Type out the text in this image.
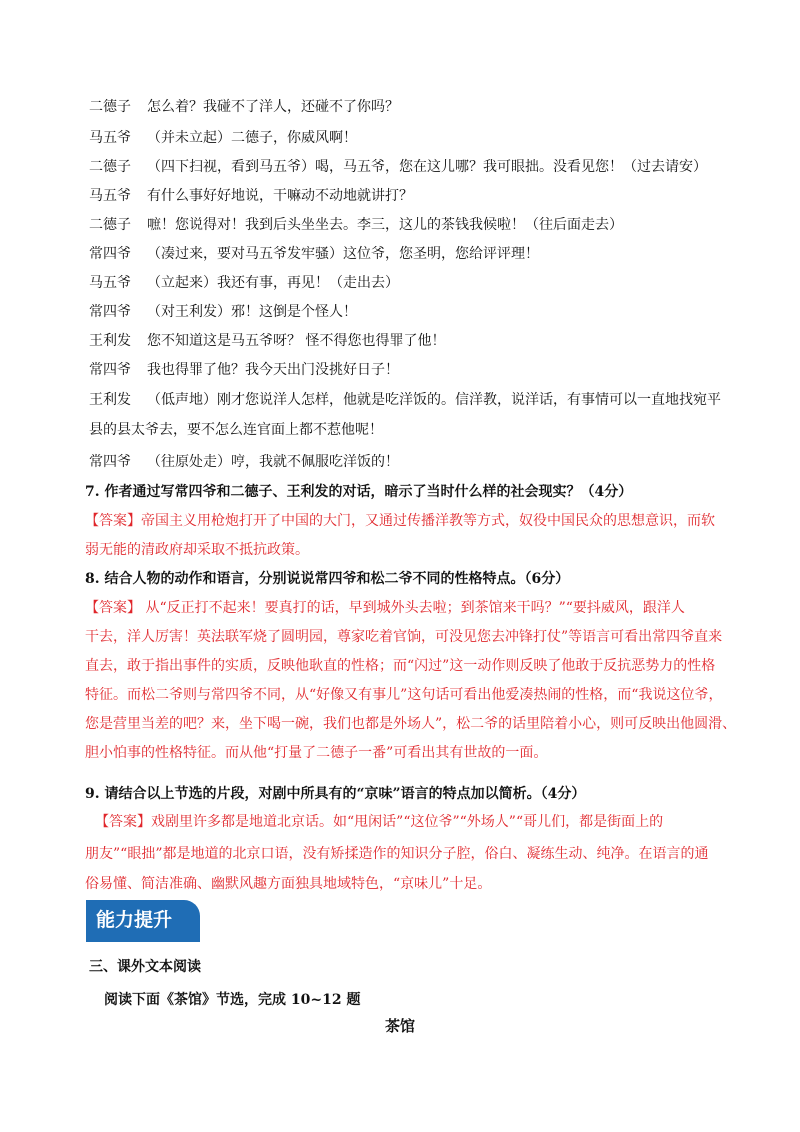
二德子 怎么着？我碰不了洋人，还碰不了你吗？
马五爷 （并未立起）二德子，你威风啊！
二德子 （四下扫视，看到马五爷）喝，马五爷，您在这儿哪？我可眼拙。没看见您！（过去请安）
马五爷 有什么事好好地说，干嘛动不动地就讲打？
二德子 嗻！您说得对！我到后头坐坐去。李三，这儿的茶钱我候啦！（往后面走去）
常四爷 （凑过来，要对马五爷发牢骚）这位爷，您圣明，您给评评理！
马五爷 （立起来）我还有事，再见！（走出去）
常四爷 （对王利发）邪！这倒是个怪人！
王利发 您不知道这是马五爷呀？ 怪不得您也得罪了他！
常四爷 我也得罪了他？我今天出门没挑好日子！
王利发 （低声地）刚才您说洋人怎样，他就是吃洋饭的。信洋教，说洋话，有事情可以一直地找宛平
县的县太爷去，要不怎么连官面上都不惹他呢！
常四爷 （往原处走）哼，我就不佩服吃洋饭的！
7. 作者通过写常四爷和二德子、王利发的对话，暗示了当时什么样的社会现实？（4分）
【答案】帝国主义用枪炮打开了中国的大门，又通过传播洋教等方式，奴役中国民众的思想意识，而软
弱无能的清政府却采取不抵抗政策。
8. 结合人物的动作和语言，分别说说常四爷和松二爷不同的性格特点。（6分）
【答案】 从“反正打不起来！要真打的话，早到城外头去啦；到茶馆来干吗？”“要抖威风，跟洋人
干去，洋人厉害！英法联军烧了圆明园，尊家吃着官饷，可没见您去冲锋打仗”等语言可看出常四爷直来
直去，敢于指出事件的实质，反映他耿直的性格；而“闪过”这一动作则反映了他敢于反抗恶势力的性格
特征。而松二爷则与常四爷不同，从“好像又有事儿”这句话可看出他爱凑热闹的性格，而“我说这位爷，
您是营里当差的吧？来，坐下喝一碗，我们也都是外场人”，松二爷的话里陪着小心，则可反映出他圆滑、
胆小怕事的性格特征。而从他“打量了二德子一番”可看出其有世故的一面。
9. 请结合以上节选的片段，对剧中所具有的“京味”语言的特点加以简析。（4分）
【答案】戏剧里许多都是地道北京话。如“甩闲话”“这位爷”“外场人”“哥儿们，都是街面上的
朋友”“眼拙”都是地道的北京口语，没有矫揉造作的知识分子腔，俗白、凝练生动、纯净。在语言的通
俗易懂、简洁准确、幽默风趣方面独具地域特色，“京味儿”十足。
能力提升
三、课外文本阅读
阅读下面《茶馆》节选，完成 10~12 题
茶馆
